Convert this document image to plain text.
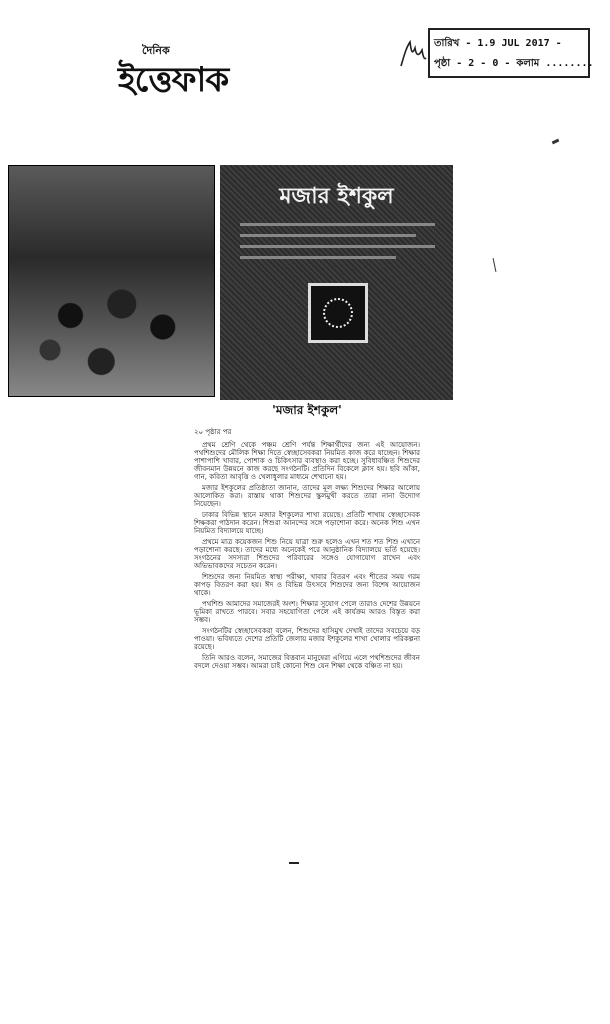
দৈনিক
ইত্তেফাক
তারিখ - 1.9 JUL 2017 -
পৃষ্ঠা - 2 - 0 - কলাম ........
মজার ইশকুল
'মজার ইশকুল'
২০ পৃষ্ঠার পর

প্রথম শ্রেণি থেকে পঞ্চম শ্রেণি পর্যন্ত শিক্ষার্থীদের জন্য এই আয়োজন। পথশিশুদের মৌলিক শিক্ষা দিতে স্বেচ্ছাসেবকরা নিয়মিত কাজ করে যাচ্ছেন। শিক্ষার পাশাপাশি খাবার, পোশাক ও চিকিৎসার ব্যবস্থাও করা হচ্ছে। সুবিধাবঞ্চিত শিশুদের জীবনমান উন্নয়নে কাজ করছে সংগঠনটি। প্রতিদিন বিকেলে ক্লাস হয়। ছবি আঁকা, গান, কবিতা আবৃত্তি ও খেলাধুলার মাধ্যমে শেখানো হয়।

মজার ইশকুলের প্রতিষ্ঠাতা জানান, তাদের মূল লক্ষ্য শিশুদের শিক্ষার আলোয় আলোকিত করা। রাস্তায় থাকা শিশুদের স্কুলমুখী করতে তারা নানা উদ্যোগ নিয়েছেন।

ঢাকার বিভিন্ন স্থানে মজার ইশকুলের শাখা রয়েছে। প্রতিটি শাখায় স্বেচ্ছাসেবক শিক্ষকরা পাঠদান করেন। শিশুরা আনন্দের সঙ্গে পড়াশোনা করে। অনেক শিশু এখন নিয়মিত বিদ্যালয়ে যাচ্ছে।

প্রথমে মাত্র কয়েকজন শিশু নিয়ে যাত্রা শুরু হলেও এখন শত শত শিশু এখানে পড়াশোনা করছে। তাদের মধ্যে অনেকেই পরে আনুষ্ঠানিক বিদ্যালয়ে ভর্তি হয়েছে। সংগঠনের সদস্যরা শিশুদের পরিবারের সঙ্গেও যোগাযোগ রাখেন এবং অভিভাবকদের সচেতন করেন।

শিশুদের জন্য নিয়মিত স্বাস্থ্য পরীক্ষা, খাবার বিতরণ এবং শীতের সময় গরম কাপড় বিতরণ করা হয়। ঈদ ও বিভিন্ন উৎসবে শিশুদের জন্য বিশেষ আয়োজন থাকে।

পথশিশু আমাদের সমাজেরই অংশ। শিক্ষার সুযোগ পেলে তারাও দেশের উন্নয়নে ভূমিকা রাখতে পারবে। সবার সহযোগিতা পেলে এই কার্যক্রম আরও বিস্তৃত করা সম্ভব।

সংগঠনটির স্বেচ্ছাসেবকরা বলেন, শিশুদের হাসিমুখ দেখাই তাদের সবচেয়ে বড় পাওয়া। ভবিষ্যতে দেশের প্রতিটি জেলায় মজার ইশকুলের শাখা খোলার পরিকল্পনা রয়েছে।

তিনি আরও বলেন, সমাজের বিত্তবান মানুষেরা এগিয়ে এলে পথশিশুদের জীবন বদলে দেওয়া সম্ভব। আমরা চাই কোনো শিশু যেন শিক্ষা থেকে বঞ্চিত না হয়।
